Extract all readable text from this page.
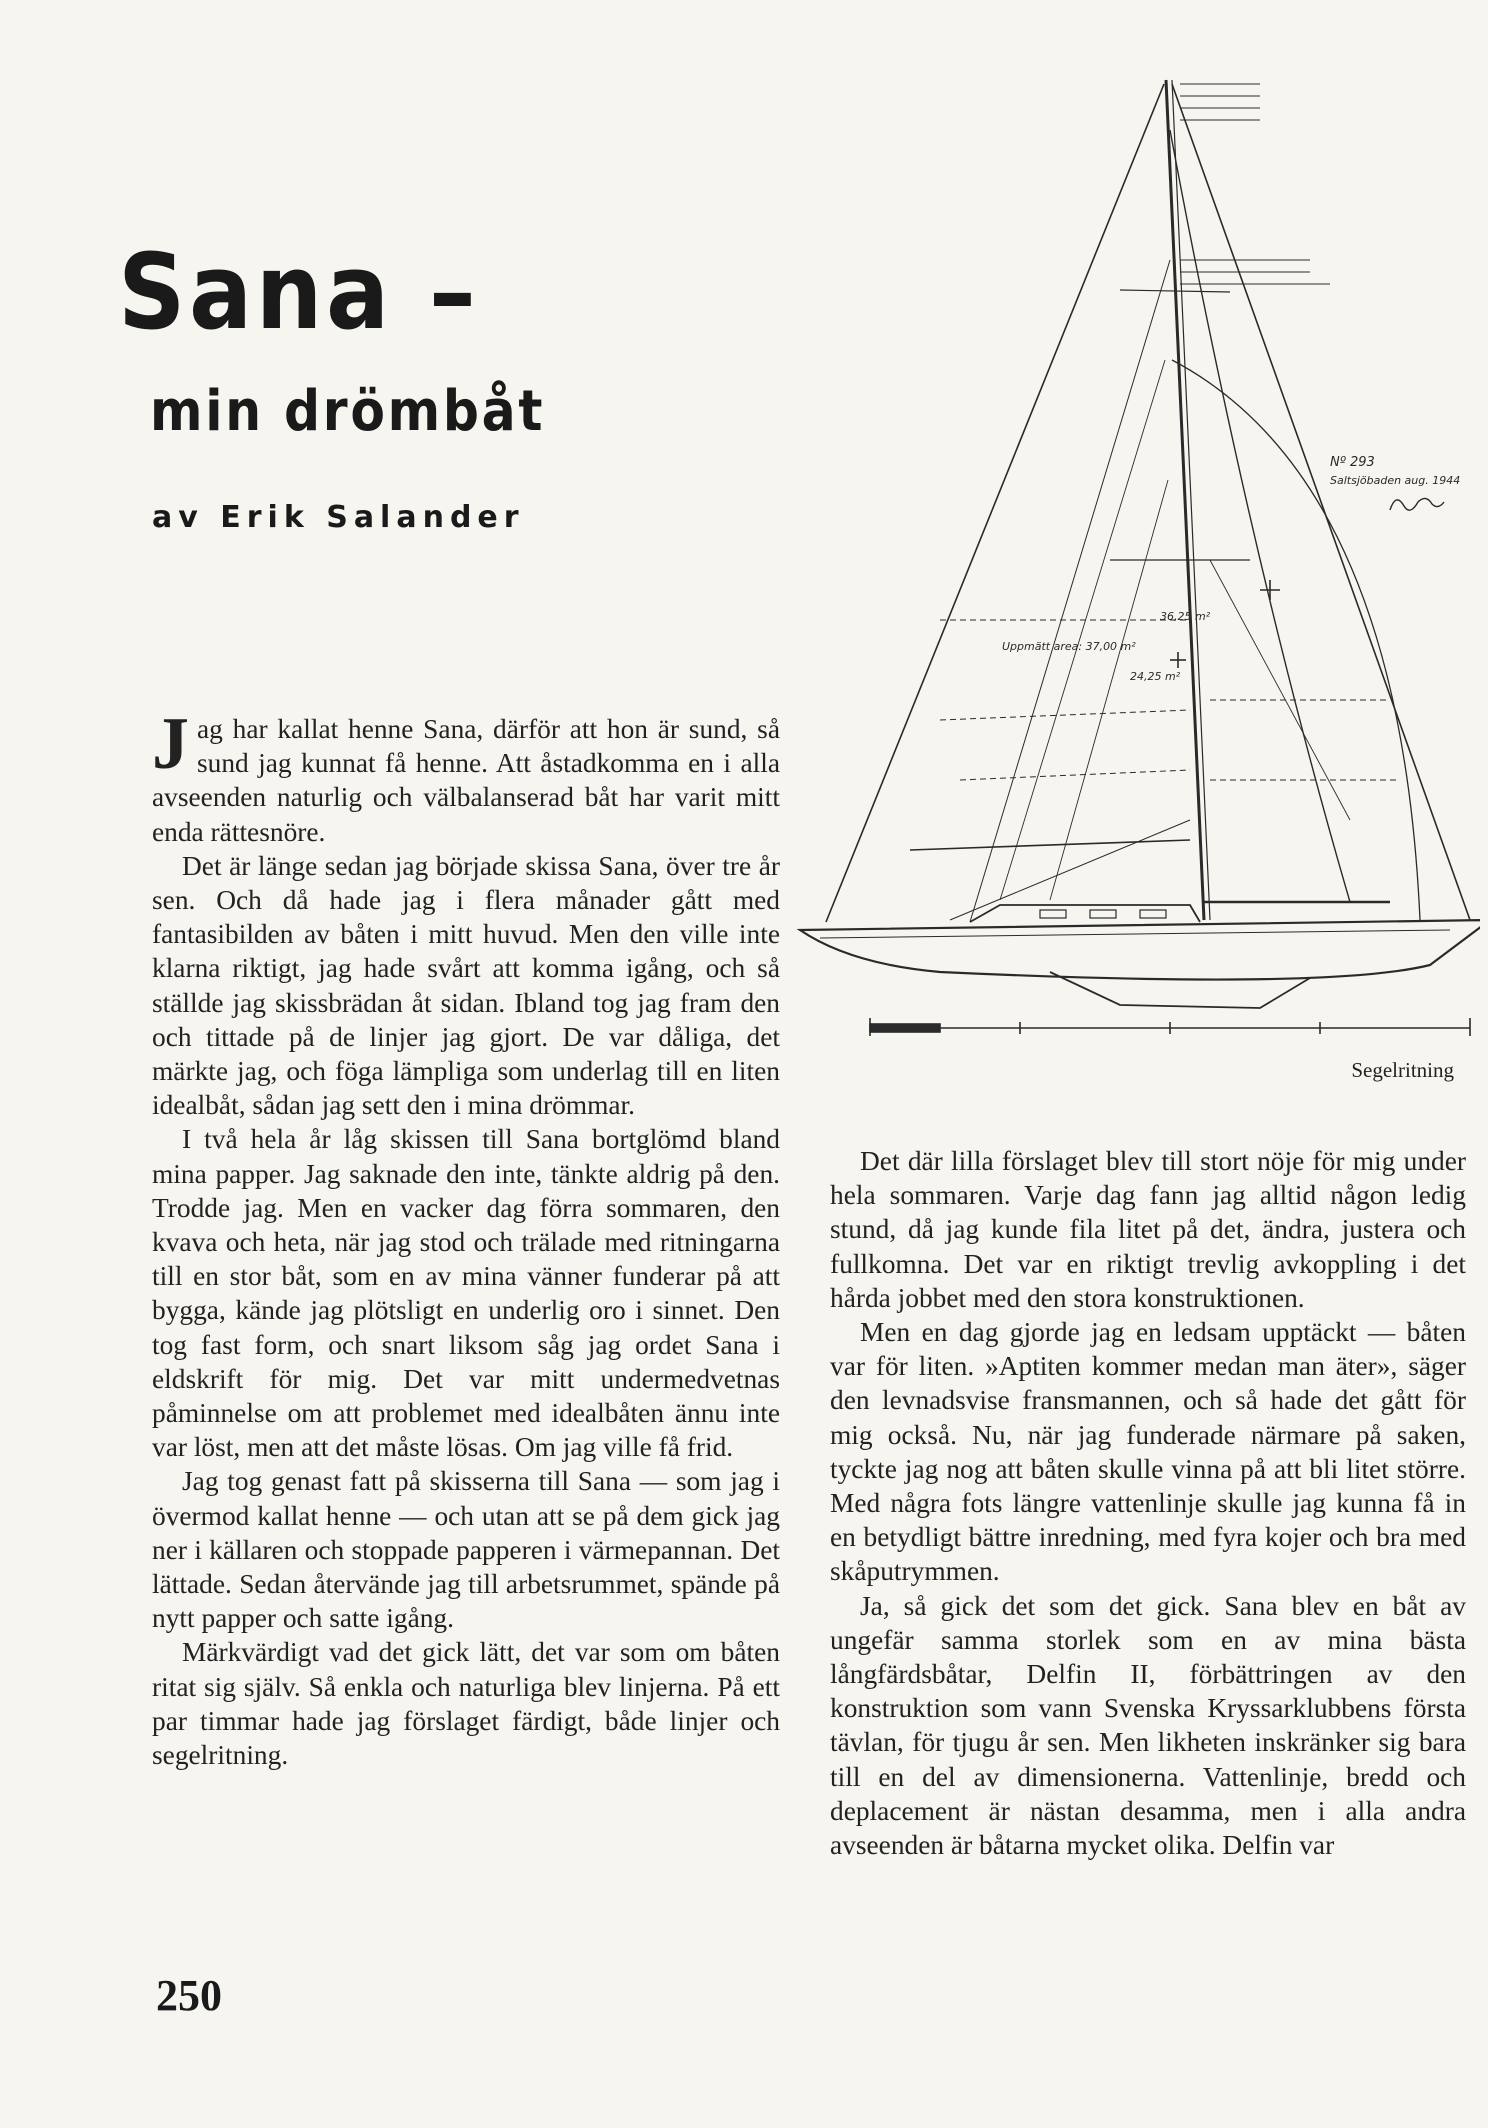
Sana –
min drömbåt
av Erik Salander
24,25 m²
36,25 m²
Uppmätt area: 37,00 m²
Nº 293
Saltsjöbaden aug. 1944
Segelritning

Jag har kallat henne Sana, därför att hon är sund, så sund jag kunnat få henne. Att åstadkomma en i alla avseenden naturlig och välbalanserad båt har varit mitt enda rättesnöre.

Det är länge sedan jag började skissa Sana, över tre år sen. Och då hade jag i flera månader gått med fantasibilden av båten i mitt huvud. Men den ville inte klarna riktigt, jag hade svårt att komma igång, och så ställde jag skissbrädan åt sidan. Ibland tog jag fram den och tittade på de linjer jag gjort. De var dåliga, det märkte jag, och föga lämpliga som underlag till en liten idealbåt, sådan jag sett den i mina drömmar.

I två hela år låg skissen till Sana bortglömd bland mina papper. Jag saknade den inte, tänkte aldrig på den. Trodde jag. Men en vacker dag förra sommaren, den kvava och heta, när jag stod och trälade med ritningarna till en stor båt, som en av mina vänner funderar på att bygga, kände jag plötsligt en underlig oro i sinnet. Den tog fast form, och snart liksom såg jag ordet Sana i eldskrift för mig. Det var mitt undermedvetnas påminnelse om att problemet med idealbåten ännu inte var löst, men att det måste lösas. Om jag ville få frid.

Jag tog genast fatt på skisserna till Sana — som jag i övermod kallat henne — och utan att se på dem gick jag ner i källaren och stoppade papperen i värmepannan. Det lättade. Sedan återvände jag till arbetsrummet, spände på nytt papper och satte igång.

Märkvärdigt vad det gick lätt, det var som om båten ritat sig själv. Så enkla och naturliga blev linjerna. På ett par timmar hade jag förslaget färdigt, både linjer och segelritning.

Det där lilla förslaget blev till stort nöje för mig under hela sommaren. Varje dag fann jag alltid någon ledig stund, då jag kunde fila litet på det, ändra, justera och fullkomna. Det var en riktigt trevlig avkoppling i det hårda jobbet med den stora konstruktionen.

Men en dag gjorde jag en ledsam upptäckt — båten var för liten. »Aptiten kommer medan man äter», säger den levnadsvise fransmannen, och så hade det gått för mig också. Nu, när jag funderade närmare på saken, tyckte jag nog att båten skulle vinna på att bli litet större. Med några fots längre vattenlinje skulle jag kunna få in en betydligt bättre inredning, med fyra kojer och bra med skåputrymmen.

Ja, så gick det som det gick. Sana blev en båt av ungefär samma storlek som en av mina bästa långfärdsbåtar, Delfin II, förbättringen av den konstruktion som vann Svenska Kryssarklubbens första tävlan, för tjugu år sen. Men likheten inskränker sig bara till en del av dimensionerna. Vattenlinje, bredd och deplacement är nästan desamma, men i alla andra avseenden är båtarna mycket olika. Delfin var

250
